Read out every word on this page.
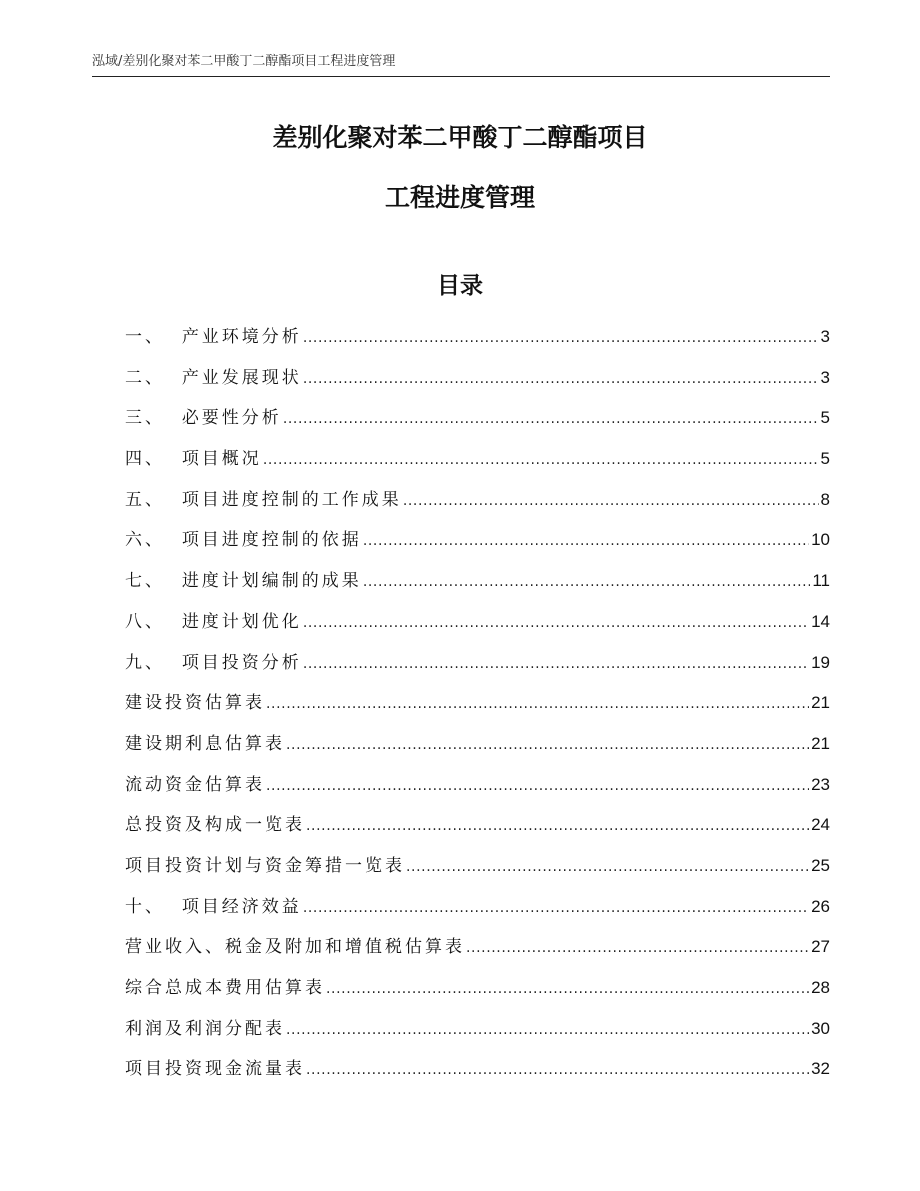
泓域/差别化聚对苯二甲酸丁二醇酯项目工程进度管理
差别化聚对苯二甲酸丁二醇酯项目
工程进度管理
目录
一、 产业环境分析 .....	3
二、 产业发展现状 .....	3
三、 必要性分析 .....	5
四、 项目概况 .....	5
五、 项目进度控制的工作成果 .....	8
六、 项目进度控制的依据 .....	10
七、 进度计划编制的成果 .....	11
八、 进度计划优化 .....	14
九、 项目投资分析 .....	19
建设投资估算表 .....	21
建设期利息估算表 .....	21
流动资金估算表 .....	23
总投资及构成一览表 .....	24
项目投资计划与资金筹措一览表 .....	25
十、 项目经济效益 .....	26
营业收入、税金及附加和增值税估算表 .....	27
综合总成本费用估算表 .....	28
利润及利润分配表 .....	30
项目投资现金流量表 .....	32
